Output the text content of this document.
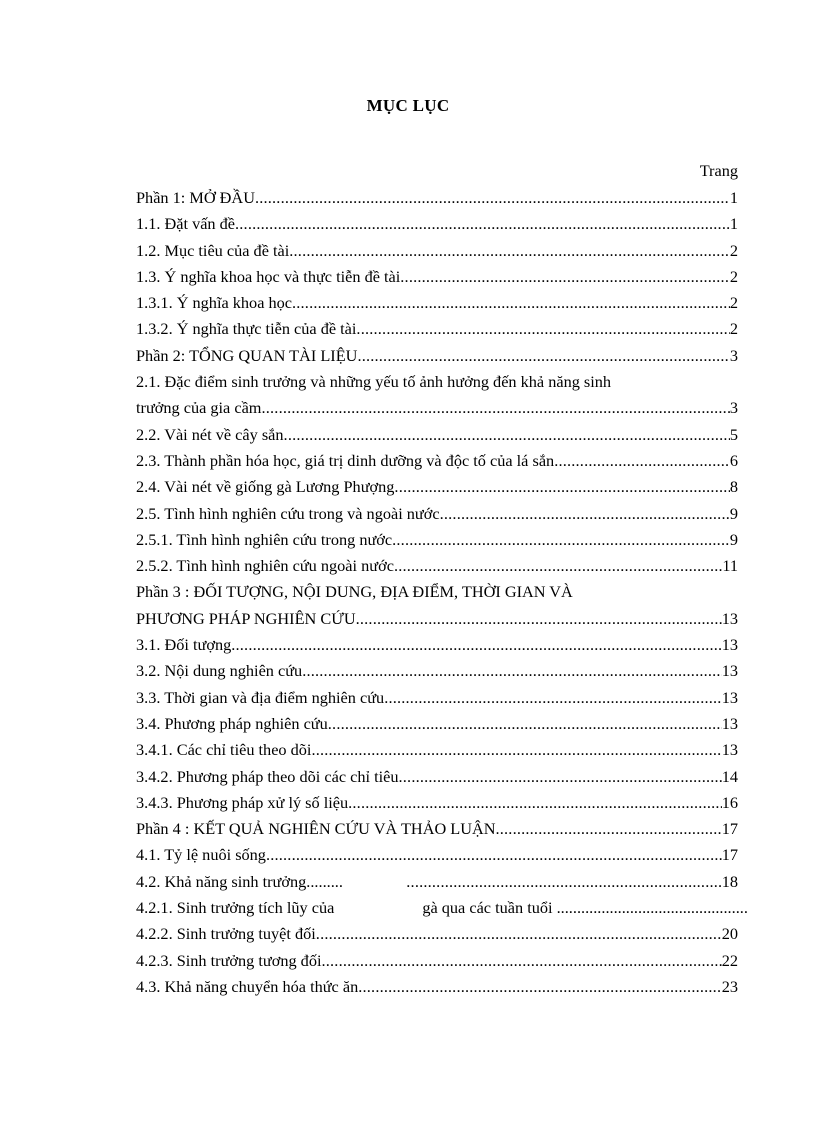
MỤC LỤC
Trang
Phần 1: MỞ ĐẦU .....	1
1.1. Đặt vấn đề .....	1
1.2. Mục tiêu của đề tài .....	2
1.3. Ý nghĩa khoa học và thực tiễn đề tài .....	2
1.3.1. Ý nghĩa khoa học .....	2
1.3.2. Ý nghĩa thực tiễn của đề tài .....	2
Phần 2: TỔNG QUAN TÀI LIỆU .....	3
2.1. Đặc điểm sinh trưởng và những yếu tố ảnh hưởng đến khả năng sinh
trưởng của gia cầm .....	3
2.2. Vài nét về cây sắn .....	5
2.3. Thành phần hóa học, giá trị dinh dưỡng và độc tố của lá sắn .....	6
2.4. Vài nét về giống gà Lương Phượng .....	8
2.5. Tình hình nghiên cứu trong và ngoài nước .....	9
2.5.1. Tình hình nghiên cứu trong nước .....	9
2.5.2. Tình hình nghiên cứu ngoài nước .....	11
Phần 3 : ĐỐI TƯỢNG, NỘI DUNG, ĐỊA ĐIỂM, THỜI GIAN VÀ
PHƯƠNG PHÁP NGHIÊN CỨU .....	13
3.1. Đối tượng .....	13
3.2. Nội dung nghiên cứu .....	13
3.3. Thời gian và địa điểm nghiên cứu .....	13
3.4. Phương pháp nghiên cứu .....	13
3.4.1. Các chỉ tiêu theo dõi .....	13
3.4.2. Phương pháp theo dõi các chỉ tiêu .....	14
3.4.3. Phương pháp xử lý số liệu .....	16
Phần 4 : KẾT QUẢ NGHIÊN CỨU VÀ THẢO LUẬN .....	17
4.1. Tỷ lệ nuôi sống .....	17
4.2. Khả năng sinh trưởng ......... .....	18
4.2.1. Sinh trưởng tích lũy của	gà qua các tuần tuổi ...............................................
4.2.2. Sinh trưởng tuyệt đối .....	20
4.2.3. Sinh trưởng tương đối .....	22
4.3. Khả năng chuyển hóa thức ăn .....	23
